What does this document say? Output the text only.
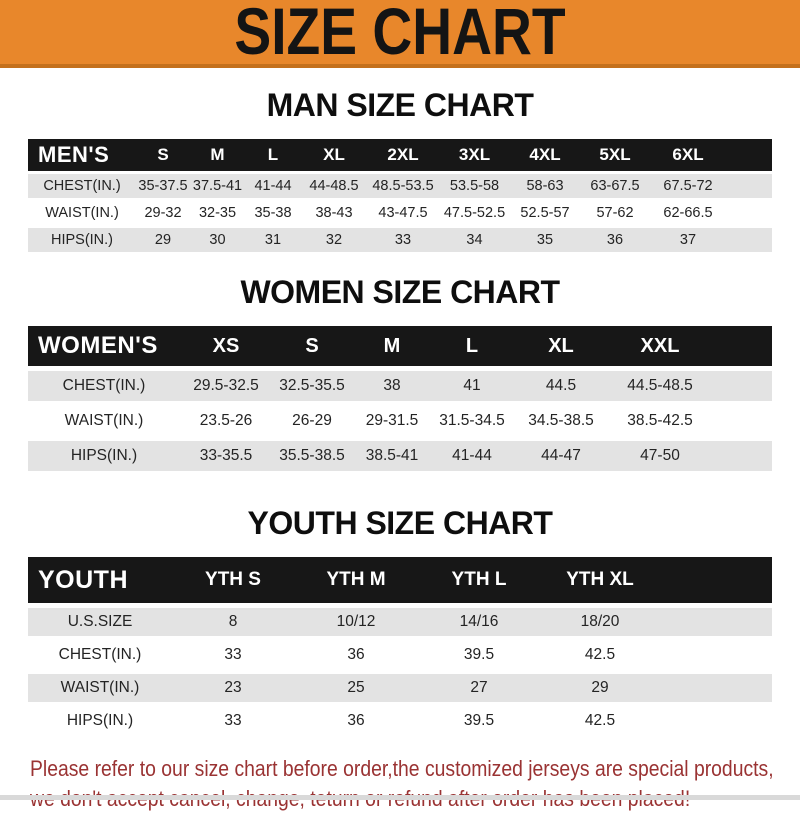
SIZE CHART
MAN SIZE CHART
MEN'S	S	M	L	XL	2XL	3XL	4XL	5XL	6XL	
CHEST(IN.)	35-37.5	37.5-41	41-44	44-48.5	48.5-53.5	53.5-58	58-63	63-67.5	67.5-72	
WAIST(IN.)	29-32	32-35	35-38	38-43	43-47.5	47.5-52.5	52.5-57	57-62	62-66.5	
HIPS(IN.)	29	30	31	32	33	34	35	36	37	
WOMEN SIZE CHART
WOMEN'S	XS	S	M	L	XL	XXL	
CHEST(IN.)	29.5-32.5	32.5-35.5	38	41	44.5	44.5-48.5	
WAIST(IN.)	23.5-26	26-29	29-31.5	31.5-34.5	34.5-38.5	38.5-42.5	
HIPS(IN.)	33-35.5	35.5-38.5	38.5-41	41-44	44-47	47-50	
YOUTH SIZE CHART
YOUTH	YTH S	YTH M	YTH L	YTH XL	
U.S.SIZE	8	10/12	14/16	18/20	
CHEST(IN.)	33	36	39.5	42.5	
WAIST(IN.)	23	25	27	29	
HIPS(IN.)	33	36	39.5	42.5	

Please refer to our size chart before order,the customized jerseys are special products,
